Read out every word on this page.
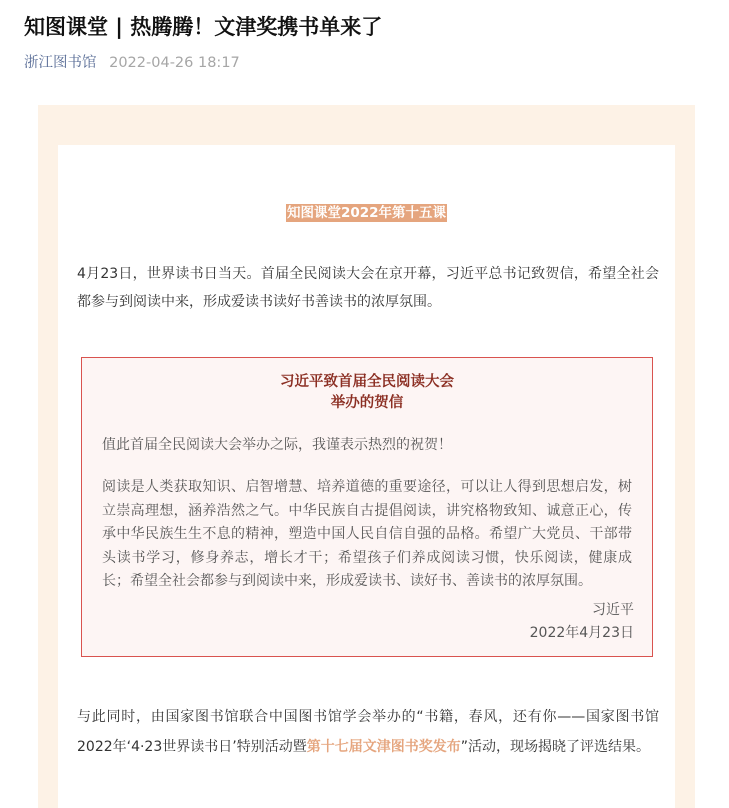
知图课堂 | 热腾腾！文津奖携书单来了
浙江图书馆 2022-04-26 18:17
知图课堂2022年第十五课

4月23日，世界读书日当天。首届全民阅读大会在京开幕，习近平总书记致贺信，希望全社会都参与到阅读中来，形成爱读书读好书善读书的浓厚氛围。

习近平致首届全民阅读大会
举办的贺信

值此首届全民阅读大会举办之际，我谨表示热烈的祝贺！

阅读是人类获取知识、启智增慧、培养道德的重要途径，可以让人得到思想启发，树立崇高理想，涵养浩然之气。中华民族自古提倡阅读，讲究格物致知、诚意正心，传承中华民族生生不息的精神，塑造中国人民自信自强的品格。希望广大党员、干部带头读书学习，修身养志，增长才干；希望孩子们养成阅读习惯，快乐阅读，健康成长；希望全社会都参与到阅读中来，形成爱读书、读好书、善读书的浓厚氛围。

习近平
2022年4月23日

与此同时，由国家图书馆联合中国图书馆学会举办的“书籍，春风，还有你——国家图书馆2022年‘4·23世界读书日’特别活动暨第十七届文津图书奖发布”活动，现场揭晓了评选结果。
